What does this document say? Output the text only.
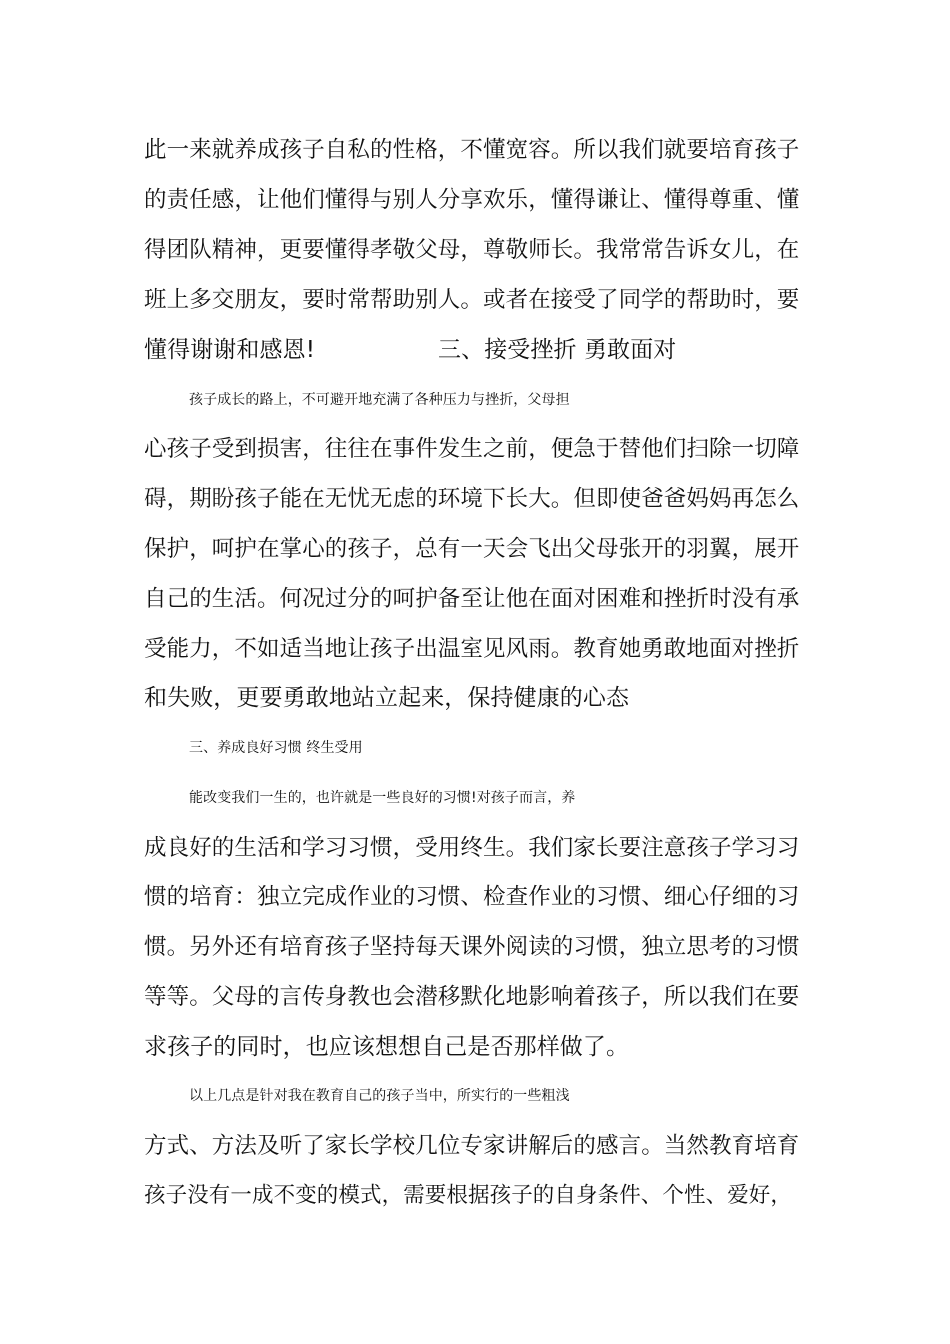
此一来就养成孩子自私的性格，不懂宽容。所以我们就要培育孩子
的责任感，让他们懂得与别人分享欢乐，懂得谦让、懂得尊重、懂
得团队精神，更要懂得孝敬父母，尊敬师长。我常常告诉女儿，在
班上多交朋友，要时常帮助别人。或者在接受了同学的帮助时，要
懂得谢谢和感恩!	三、接受挫折 勇敢面对
孩子成长的路上，不可避开地充满了各种压力与挫折，父母担
心孩子受到损害，往往在事件发生之前，便急于替他们扫除一切障
碍，期盼孩子能在无忧无虑的环境下长大。但即使爸爸妈妈再怎么
保护，呵护在掌心的孩子，总有一天会飞出父母张开的羽翼，展开
自己的生活。何况过分的呵护备至让他在面对困难和挫折时没有承
受能力，不如适当地让孩子出温室见风雨。教育她勇敢地面对挫折
和失败，更要勇敢地站立起来，保持健康的心态
三、养成良好习惯 终生受用
能改变我们一生的，也许就是一些良好的习惯!对孩子而言，养
成良好的生活和学习习惯，受用终生。我们家长要注意孩子学习习
惯的培育：独立完成作业的习惯、检查作业的习惯、细心仔细的习
惯。另外还有培育孩子坚持每天课外阅读的习惯，独立思考的习惯
等等。父母的言传身教也会潜移默化地影响着孩子，所以我们在要
求孩子的同时，也应该想想自己是否那样做了。
以上几点是针对我在教育自己的孩子当中，所实行的一些粗浅
方式、方法及听了家长学校几位专家讲解后的感言。当然教育培育
孩子没有一成不变的模式，需要根据孩子的自身条件、个性、爱好，
